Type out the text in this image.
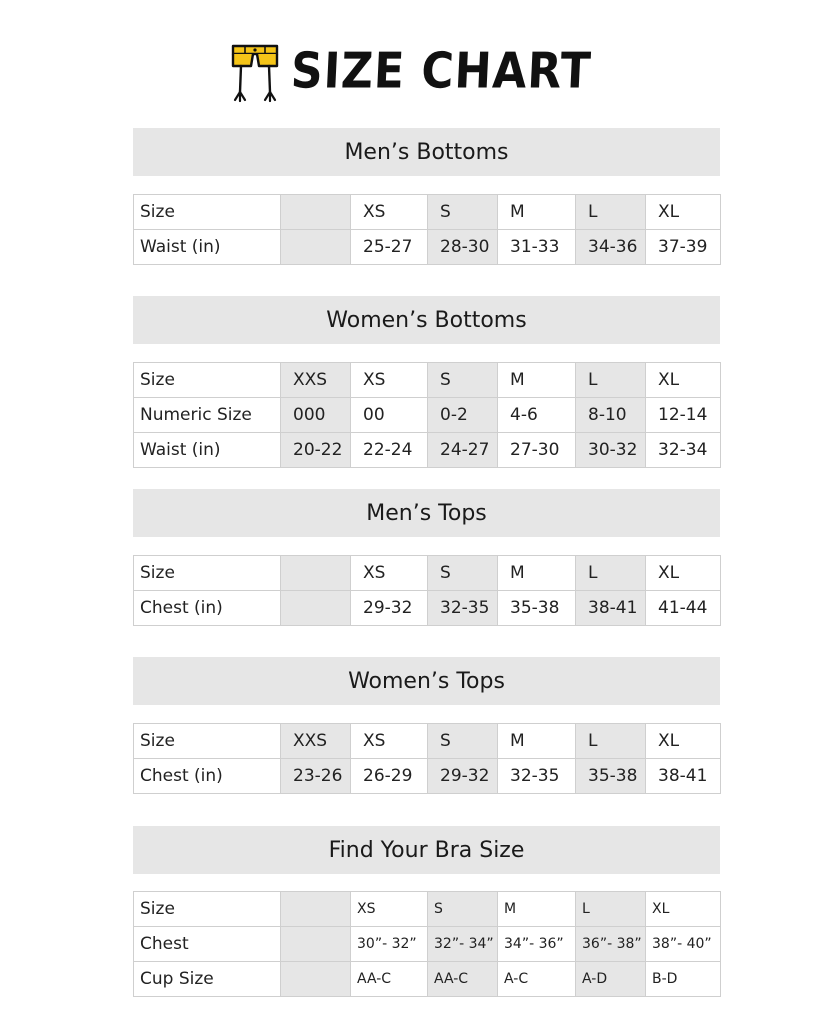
SIZE CHART
Men’s Bottoms
Size		XS	S	M	L	XL
Waist (in)		25-27	28-30	31-33	34-36	37-39
Women’s Bottoms
Size	XXS	XS	S	M	L	XL
Numeric Size	000	00	0-2	4-6	8-10	12-14
Waist (in)	20-22	22-24	24-27	27-30	30-32	32-34
Men’s Tops
Size		XS	S	M	L	XL
Chest (in)		29-32	32-35	35-38	38-41	41-44
Women’s Tops
Size	XXS	XS	S	M	L	XL
Chest (in)	23-26	26-29	29-32	32-35	35-38	38-41
Find Your Bra Size
Size		XS	S	M	L	XL
Chest		30”- 32”	32”- 34”	34”- 36”	36”- 38”	38”- 40”
Cup Size		AA-C	AA-C	A-C	A-D	B-D
